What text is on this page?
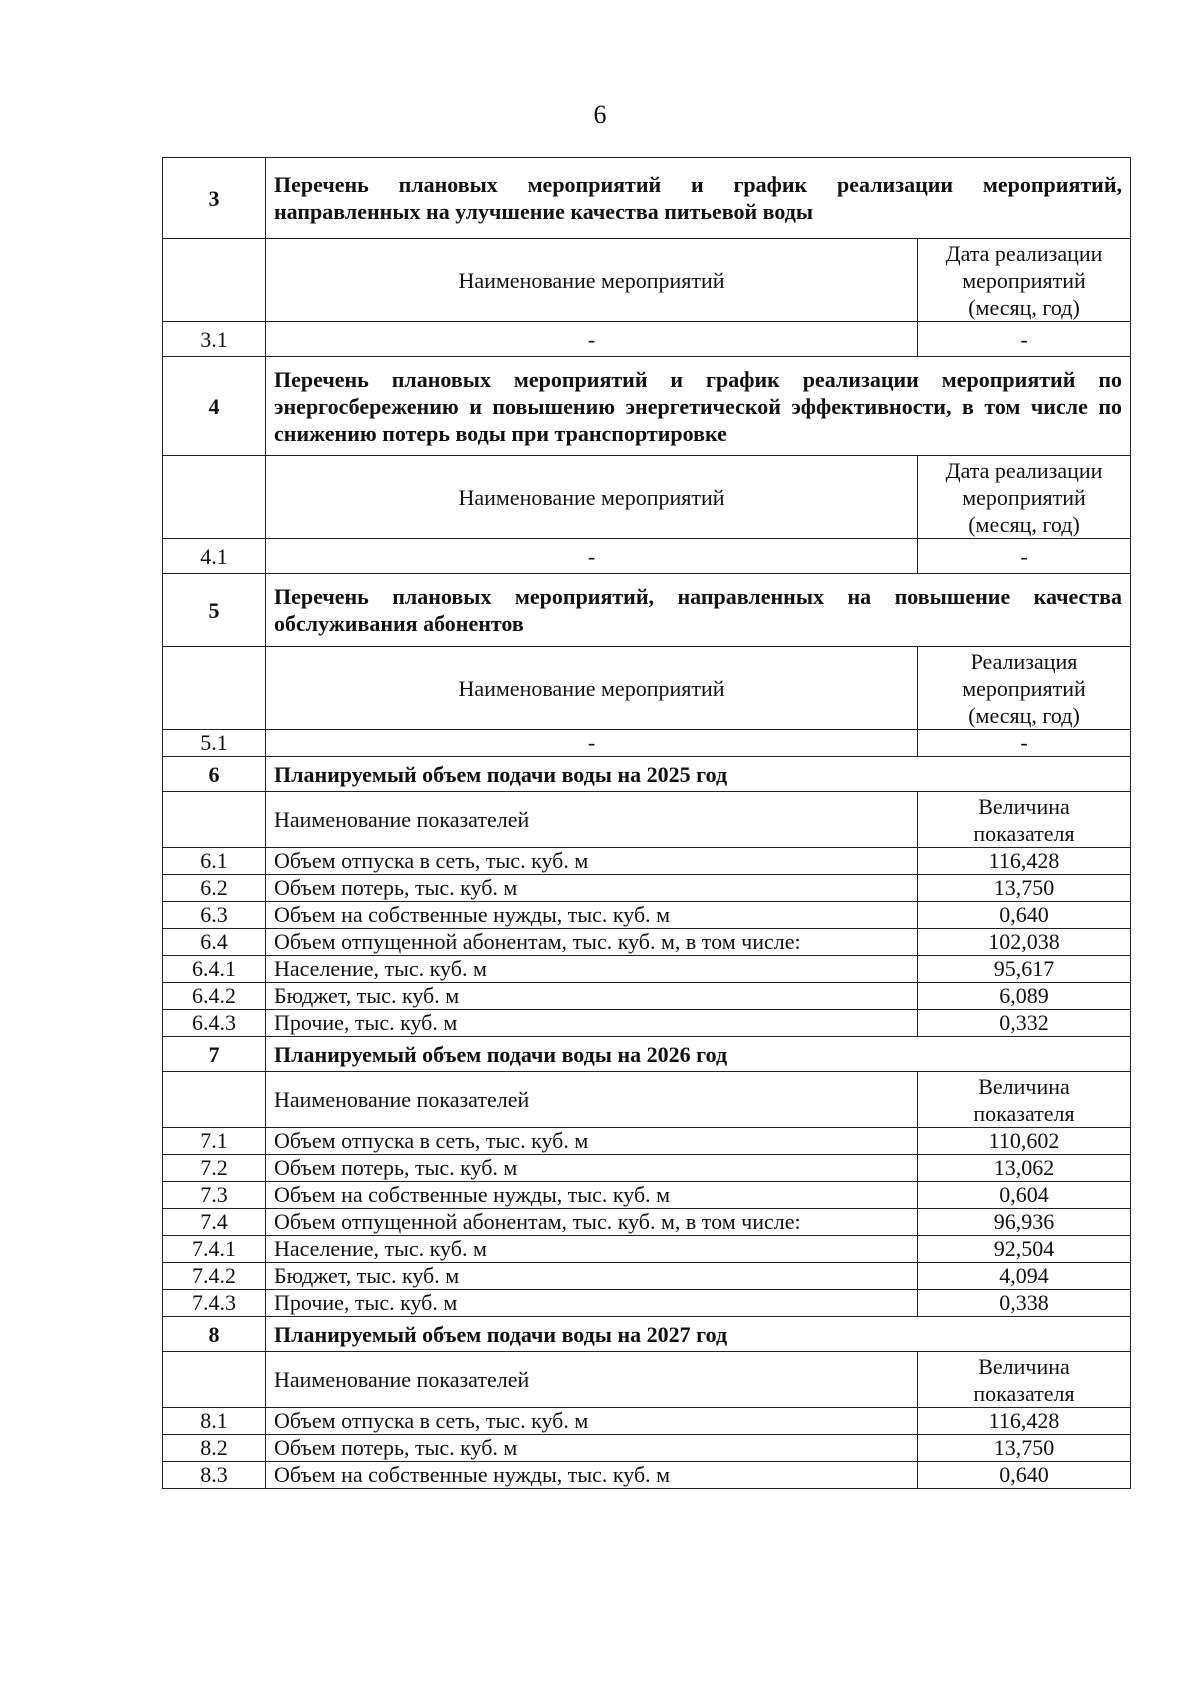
6
3	Перечень плановых мероприятий и график реализации мероприятий, направленных на улучшение качества питьевой воды	
	Наименование мероприятий	Дата реализации мероприятий (месяц, год)
3.1	-	-
4	Перечень плановых мероприятий и график реализации мероприятий по энергосбережению и повышению энергетической эффективности, в том числе по снижению потерь воды при транспортировке	
	Наименование мероприятий	Дата реализации мероприятий (месяц, год)
4.1	-	-
5	Перечень плановых мероприятий, направленных на повышение качества обслуживания абонентов	
	Наименование мероприятий	Реализация мероприятий (месяц, год)
5.1	-	-
6	Планируемый объем подачи воды на 2025 год	
	Наименование показателей	Величина показателя
6.1	Объем отпуска в сеть, тыс. куб. м	116,428
6.2	Объем потерь, тыс. куб. м	13,750
6.3	Объем на собственные нужды, тыс. куб. м	0,640
6.4	Объем отпущенной абонентам, тыс. куб. м, в том числе:	102,038
6.4.1	Население, тыс. куб. м	95,617
6.4.2	Бюджет, тыс. куб. м	6,089
6.4.3	Прочие, тыс. куб. м	0,332
7	Планируемый объем подачи воды на 2026 год	
	Наименование показателей	Величина показателя
7.1	Объем отпуска в сеть, тыс. куб. м	110,602
7.2	Объем потерь, тыс. куб. м	13,062
7.3	Объем на собственные нужды, тыс. куб. м	0,604
7.4	Объем отпущенной абонентам, тыс. куб. м, в том числе:	96,936
7.4.1	Население, тыс. куб. м	92,504
7.4.2	Бюджет, тыс. куб. м	4,094
7.4.3	Прочие, тыс. куб. м	0,338
8	Планируемый объем подачи воды на 2027 год	
	Наименование показателей	Величина показателя
8.1	Объем отпуска в сеть, тыс. куб. м	116,428
8.2	Объем потерь, тыс. куб. м	13,750
8.3	Объем на собственные нужды, тыс. куб. м	0,640
